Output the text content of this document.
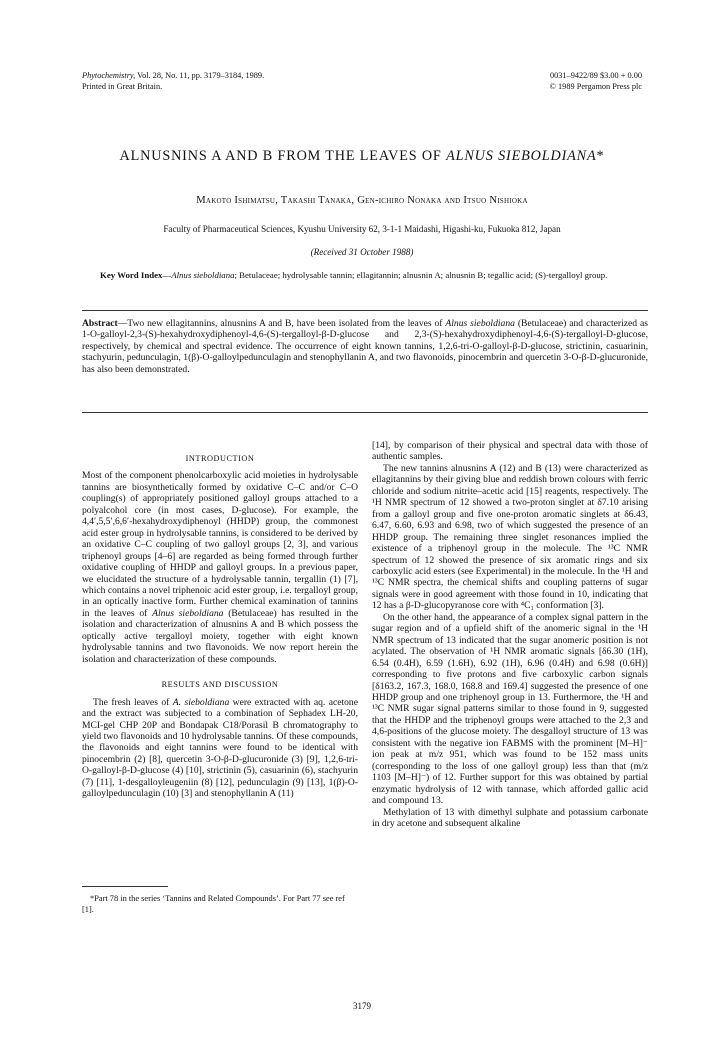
Phytochemistry, Vol. 28, No. 11, pp. 3179–3184, 1989.
Printed in Great Britain.
0031–9422/89 $3.00 + 0.00
© 1989 Pergamon Press plc
ALNUSNINS A AND B FROM THE LEAVES OF ALNUS SIEBOLDIANA*
Makoto Ishimatsu, Takashi Tanaka, Gen-ichiro Nonaka and Itsuo Nishioka
Faculty of Pharmaceutical Sciences, Kyushu University 62, 3-1-1 Maidashi, Higashi-ku, Fukuoka 812, Japan
(Received 31 October 1988)
Key Word Index—Alnus sieboldiana; Betulaceae; hydrolysable tannin; ellagitannin; alnusnin A; alnusnin B; tegallic acid; (S)-tergalloyl group.
Abstract—Two new ellagitannins, alnusnins A and B, have been isolated from the leaves of Alnus sieboldiana (Betulaceae) and characterized as 1-O-galloyl-2,3-(S)-hexahydroxydiphenoyl-4,6-(S)-tergalloyl-β-D-glucose and 2,3-(S)-hexahydroxydiphenoyl-4,6-(S)-tergalloyl-D-glucose, respectively, by chemical and spectral evidence. The occurrence of eight known tannins, 1,2,6-tri-O-galloyl-β-D-glucose, strictinin, casuarinin, stachyurin, pedunculagin, 1(β)-O-galloylpedunculagin and stenophyllanin A, and two flavonoids, pinocembrin and quercetin 3-O-β-D-glucuronide, has also been demonstrated.
INTRODUCTION

Most of the component phenolcarboxylic acid moieties in hydrolysable tannins are biosynthetically formed by oxidative C–C and/or C–O coupling(s) of appropriately positioned galloyl groups attached to a polyalcohol core (in most cases, D-glucose). For example, the 4,4′,5,5′,6,6′-hexahydroxydiphenoyl (HHDP) group, the commonest acid ester group in hydrolysable tannins, is considered to be derived by an oxidative C–C coupling of two galloyl groups [2, 3], and various triphenoyl groups [4–6] are regarded as being formed through further oxidative coupling of HHDP and galloyl groups. In a previous paper, we elucidated the structure of a hydrolysable tannin, tergallin (1) [7], which contains a novel triphenoic acid ester group, i.e. tergalloyl group, in an optically inactive form. Further chemical examination of tannins in the leaves of Alnus sieboldiana (Betulaceae) has resulted in the isolation and characterization of alnusnins A and B which possess the optically active tergalloyl moiety, together with eight known hydrolysable tannins and two flavonoids. We now report herein the isolation and characterization of these compounds.

RESULTS AND DISCUSSION

The fresh leaves of A. sieboldiana were extracted with aq. acetone and the extract was subjected to a combination of Sephadex LH-20, MCI-gel CHP 20P and Bondapak C18/Porasil B chromatography to yield two flavonoids and 10 hydrolysable tannins. Of these compounds, the flavonoids and eight tannins were found to be identical with pinocembrin (2) [8], quercetin 3-O-β-D-glucuronide (3) [9], 1,2,6-tri-O-galloyl-β-D-glucose (4) [10], strictinin (5), casuarinin (6), stachyurin (7) [11], 1-desgalloyleugeniin (8) [12], pedunculagin (9) [13], 1(β)-O-galloylpedunculagin (10) [3] and stenophyllanin A (11)

*Part 78 in the series ‘Tannins and Related Compounds’. For Part 77 see ref [1].

[14], by comparison of their physical and spectral data with those of authentic samples.

The new tannins alnusnins A (12) and B (13) were characterized as ellagitannins by their giving blue and reddish brown colours with ferric chloride and sodium nitrite–acetic acid [15] reagents, respectively. The ¹H NMR spectrum of 12 showed a two-proton singlet at δ7.10 arising from a galloyl group and five one-proton aromatic singlets at δ6.43, 6.47, 6.60, 6.93 and 6.98, two of which suggested the presence of an HHDP group. The remaining three singlet resonances implied the existence of a triphenoyl group in the molecule. The ¹³C NMR spectrum of 12 showed the presence of six aromatic rings and six carboxylic acid esters (see Experimental) in the molecule. In the ¹H and ¹³C NMR spectra, the chemical shifts and coupling patterns of sugar signals were in good agreement with those found in 10, indicating that 12 has a β-D-glucopyranose core with ⁴C₁ conformation [3].

On the other hand, the appearance of a complex signal pattern in the sugar region and of a upfield shift of the anomeric signal in the ¹H NMR spectrum of 13 indicated that the sugar anomeric position is not acylated. The observation of ¹H NMR aromatic signals [δ6.30 (1H), 6.54 (0.4H), 6.59 (1.6H), 6.92 (1H), 6.96 (0.4H) and 6.98 (0.6H)] corresponding to five protons and five carboxylic carbon signals [δ163.2, 167.3, 168.0, 168.8 and 169.4] suggested the presence of one HHDP group and one triphenoyl group in 13. Furthermore, the ¹H and ¹³C NMR sugar signal patterns similar to those found in 9, suggested that the HHDP and the triphenoyl groups were attached to the 2,3 and 4,6-positions of the glucose moiety. The desgalloyl structure of 13 was consistent with the negative ion FABMS with the prominent [M–H]⁻ ion peak at m/z 951, which was found to be 152 mass units (corresponding to the loss of one galloyl group) less than that (m/z 1103 [M–H]⁻) of 12. Further support for this was obtained by partial enzymatic hydrolysis of 12 with tannase, which afforded gallic acid and compound 13.

Methylation of 13 with dimethyl sulphate and potassium carbonate in dry acetone and subsequent alkaline

3179
